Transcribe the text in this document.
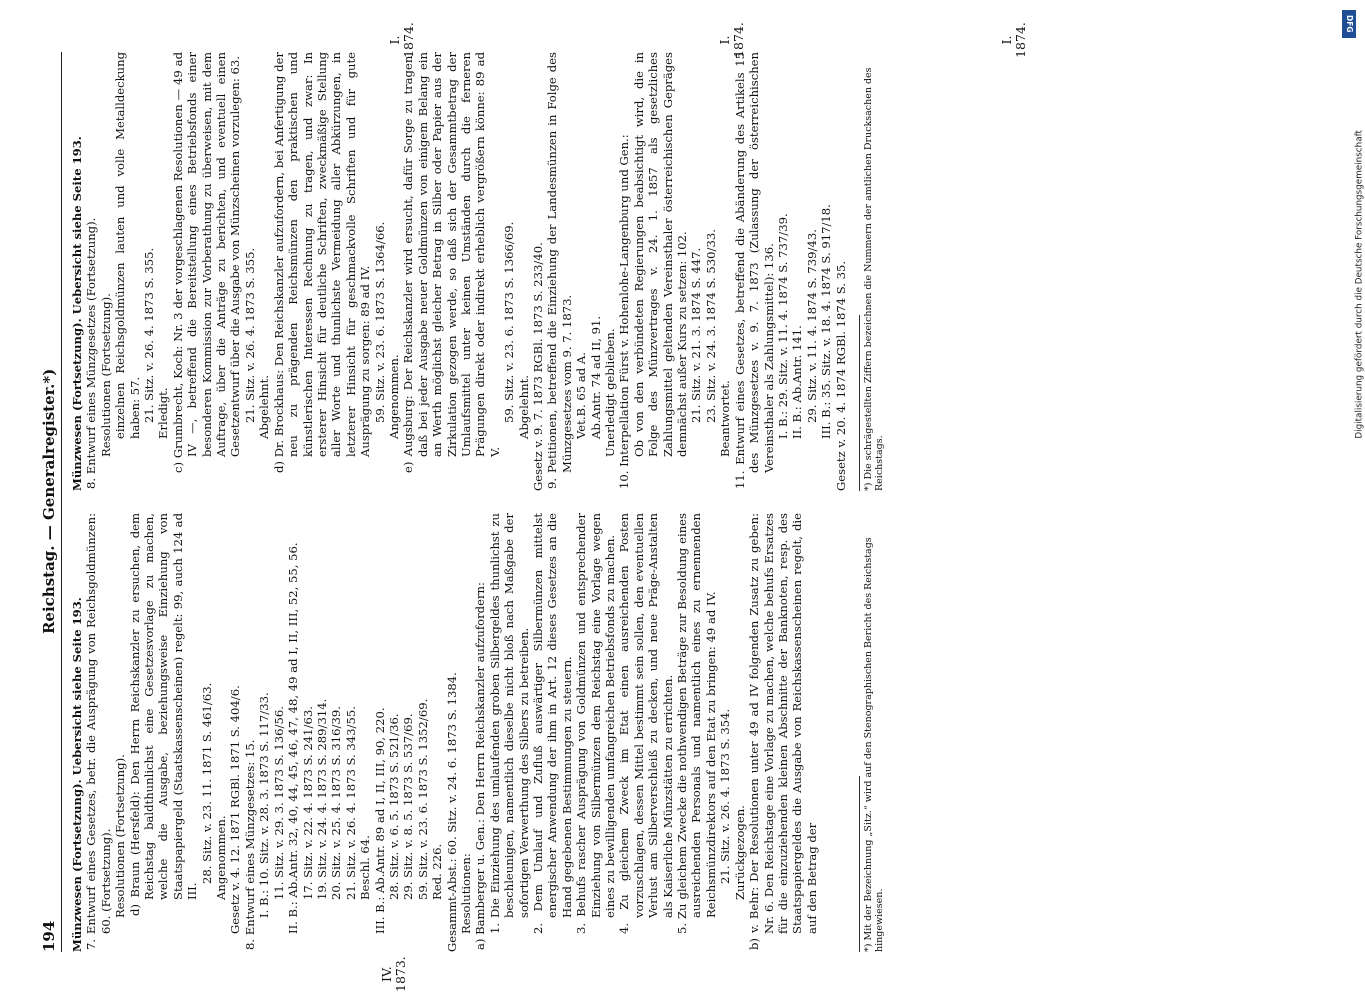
194
Reichstag. — Generalregister.*)
IV.
1873.

Münzwesen (Fortsetzung). Uebersicht siehe Seite 193. 7. Entwurf eines Gesetzes, betr. die Ausprägung von Reichsgoldmünzen: 60. (Fortsetzung). Resolutionen (Fortsetzung). d) Braun (Hersfeld): Den Herrn Reichskanzler zu ersuchen, dem Reichstag baldthunlichst eine Gesetzesvorlage zu machen, welche die Ausgabe, beziehungsweise Einziehung von Staatspapiergeld (Staatskassenscheinen) regelt: 99, auch 124 ad III.

28. Sitz. v. 23. 11. 1871 S. 461/63. Angenommen. Gesetz v. 4. 12. 1871 RGBl. 1871 S. 404/6. 8. Entwurf eines Münzgesetzes: 15. I. B.: 10. Sitz. v. 28. 3. 1873 S. 117/33. 11. Sitz. v. 29. 3. 1873 S. 136/56. II. B.: Ab.Antr. 32, 40, 44, 45, 46, 47, 48, 49 ad I, II, III, 52, 55, 56. 17. Sitz. v. 22. 4. 1873 S. 241/63. 19. Sitz. v. 24. 4. 1873 S. 289/314. 20. Sitz. v. 25. 4. 1873 S. 316/39. 21. Sitz. v. 26. 4. 1873 S. 343/55. Beschl. 64. III. B.: Ab.Antr. 89 ad I, II, III, 90, 220. 28. Sitz. v. 6. 5. 1873 S. 521/36. 29. Sitz. v. 8. 5. 1873 S. 537/69. 59. Sitz. v. 23. 6. 1873 S. 1352/69. Red. 226. Gesammt-Abst.: 60. Sitz. v. 24. 6. 1873 S. 1384. Resolutionen: a) Bamberger u. Gen.: Den Herrn Reichskanzler aufzufordern: 1. Die Einziehung des umlaufenden groben Silbergeldes thunlichst zu beschleunigen, namentlich dieselbe nicht bloß nach Maßgabe der sofortigen Verwerthung des Silbers zu betreiben. 2. Dem Umlauf und Zufluß auswärtiger Silbermünzen mittelst energischer Anwendung der ihm in Art. 12 dieses Gesetzes an die Hand gegebenen Bestimmungen zu steuern. 3. Behufs rascher Ausprägung von Goldmünzen und entsprechender Einziehung von Silbermünzen dem Reichstag eine Vorlage wegen eines zu bewilligenden umfangreichen Betriebsfonds zu machen. 4. Zu gleichem Zweck im Etat einen ausreichenden Posten vorzuschlagen, dessen Mittel bestimmt sein sollen, den eventuellen Verlust am Silberverschleiß zu decken, und neue Präge-Anstalten als Kaiserliche Münzstätten zu errichten. 5. Zu gleichem Zwecke die nothwendigen Beträge zur Besoldung eines ausreichenden Personals und namentlich eines zu ernennenden Reichsmünzdirektors auf den Etat zu bringen: 49 ad IV. 21. Sitz. v. 26. 4. 1873 S. 354. Zurückgezogen. b) v. Behr: Der Resolutionen unter 49 ad IV folgenden Zusatz zu geben: Nr. 6. Den Reichstage eine Vorlage zu machen, welche behufs Ersatzes für die einzuziehenden kleinen Abschnitte der Banknoten, resp. des Staatspapiergeldes die Ausgabe von Reichskassenscheinen regelt, die auf den Betrag der

I.
1874.	I.
1874.	I.
1874.

Münzwesen (Fortsetzung). Uebersicht siehe Seite 193. 8. Entwurf eines Münzgesetzes (Fortsetzung). Resolutionen (Fortsetzung). einzelnen Reichsgoldmünzen lauten und volle Metalldeckung haben: 57. 21. Sitz. v. 26. 4. 1873 S. 355. Erledigt. c) Grumbrecht, Koch: Nr. 3 der vorgeschlagenen Resolutionen — 49 ad IV —, betreffend die Bereitstellung eines Betriebsfonds einer besonderen Kommission zur Vorberathung zu überweisen, mit dem Auftrage, über die Anträge zu berichten, und eventuell einen Gesetzentwurf über die Ausgabe von Münzscheinen vorzulegen: 63. 21. Sitz. v. 26. 4. 1873 S. 355. Abgelehnt. d) Dr. Brockhaus: Den Reichskanzler aufzufordern, bei Anfertigung der neu zu prägenden Reichsmünzen den praktischen und künstlerischen Interessen Rechnung zu tragen, und zwar: In ersterer Hinsicht für deutliche Schriften, zweckmäßige Stellung aller Worte und thunlichste Vermeidung aller Abkürzungen, in letzterer Hinsicht für geschmackvolle Schriften und für gute Ausprägung zu sorgen: 89 ad IV. 59. Sitz. v. 23. 6. 1873 S. 1364/66. Angenommen. e) Augsburg: Der Reichskanzler wird ersucht, dafür Sorge zu tragen, daß bei jeder Ausgabe neuer Goldmünzen von einigem Belang ein an Werth möglichst gleicher Betrag in Silber oder Papier aus der Zirkulation gezogen werde, so daß sich der Gesammtbetrag der Umlaufsmittel unter keinen Umständen durch die ferneren Prägungen direkt oder indirekt erheblich vergrößern könne: 89 ad V.

59. Sitz. v. 23. 6. 1873 S. 1366/69. Abgelehnt. Gesetz v. 9. 7. 1873 RGBl. 1873 S. 233/40. 9. Petitionen, betreffend die Einziehung der Landesmünzen in Folge des Münzgesetzes vom 9. 7. 1873. Vet.B. 65 ad A. Ab.Antr. 74 ad II, 91. Unerledigt geblieben. 10. Interpellation Fürst v. Hohenlohe-Langenburg und Gen.: Ob von den verbündeten Regierungen beabsichtigt wird, die in Folge des Münzvertrages v. 24. 1. 1857 als gesetzliches Zahlungsmittel geltenden Vereinsthaler österreichischen Gepräges demnächst außer Kurs zu setzen: 102. 21. Sitz. v. 21. 3. 1874 S. 447. 23. Sitz. v. 24. 3. 1874 S. 530/33. Beantwortet. 11. Entwurf eines Gesetzes, betreffend die Abänderung des Artikels 15 des Münzgesetzes v. 9. 7. 1873 (Zulassung der österreichischen Vereinsthaler als Zahlungsmittel): 136. I. B.: 29. Sitz. v. 11. 4. 1874 S. 737/39. II. B.: Ab.Antr. 141. 29. Sitz. v. 11. 4. 1874 S. 739/43. III. B.: 35. Sitz. v. 18. 4. 1874 S. 917/18. Gesetz v. 20. 4. 1874 RGBl. 1874 S. 35.

*) Mit der Bezeichnung „Sitz.“ wird auf den Stenographischen Bericht des Reichstags hingewiesen.

*) Die schrägestellten Ziffern bezeichnen die Nummern der amtlichen Drucksachen des Reichstags.

DFG
Digitalisierung gefördert durch die Deutsche Forschungsgemeinschaft
